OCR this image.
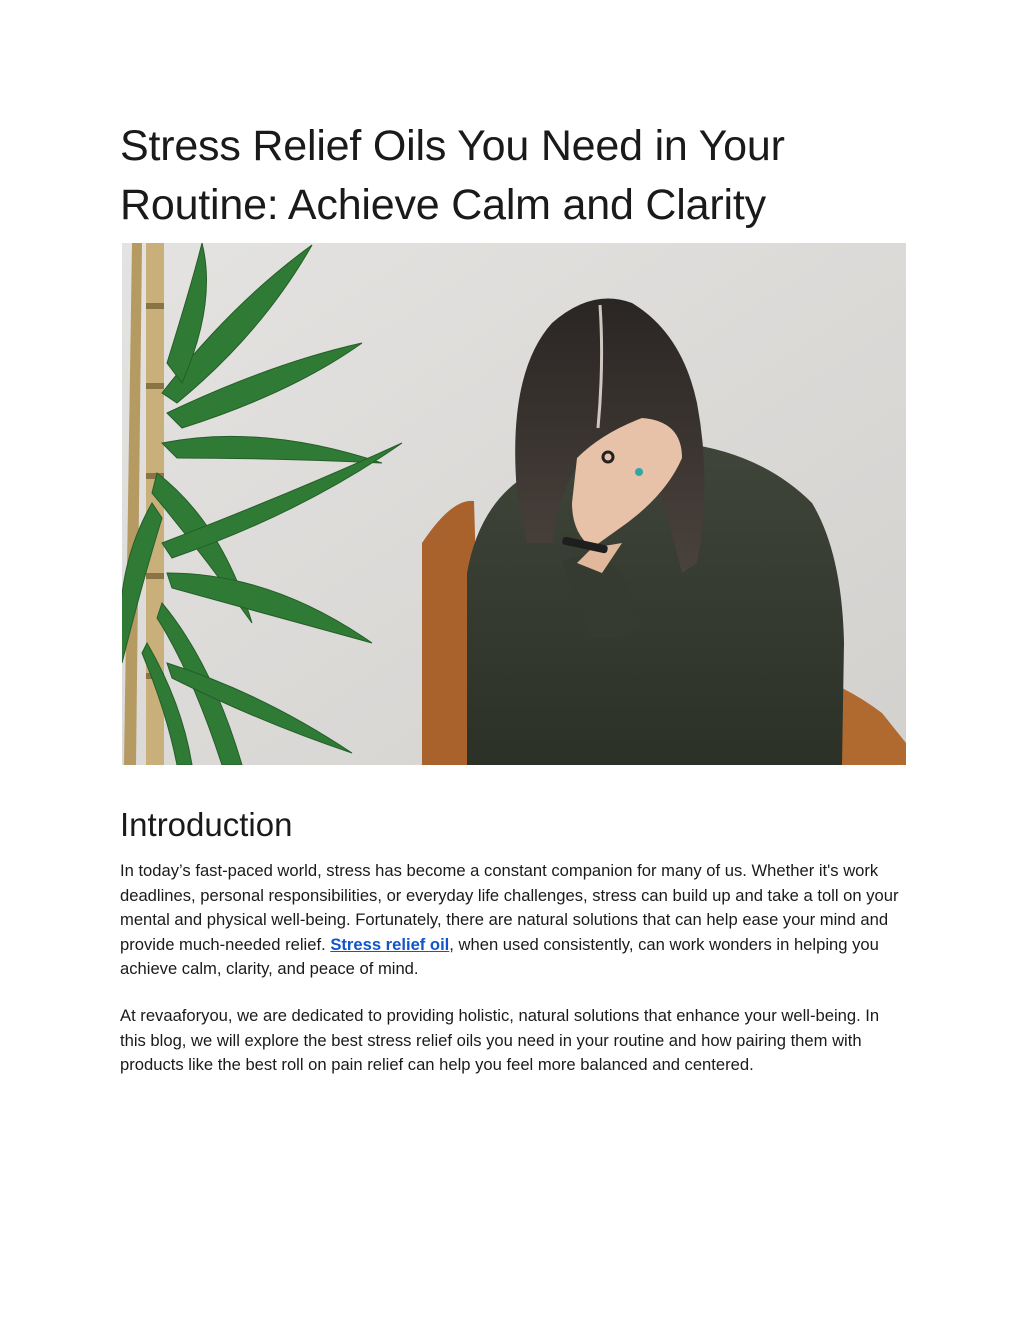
Stress Relief Oils You Need in Your Routine: Achieve Calm and Clarity
Introduction

In today’s fast-paced world, stress has become a constant companion for many of us. Whether it's work deadlines, personal responsibilities, or everyday life challenges, stress can build up and take a toll on your mental and physical well-being. Fortunately, there are natural solutions that can help ease your mind and provide much-needed relief. Stress relief oil, when used consistently, can work wonders in helping you achieve calm, clarity, and peace of mind.

At revaaforyou, we are dedicated to providing holistic, natural solutions that enhance your well-being. In this blog, we will explore the best stress relief oils you need in your routine and how pairing them with products like the best roll on pain relief can help you feel more balanced and centered.
